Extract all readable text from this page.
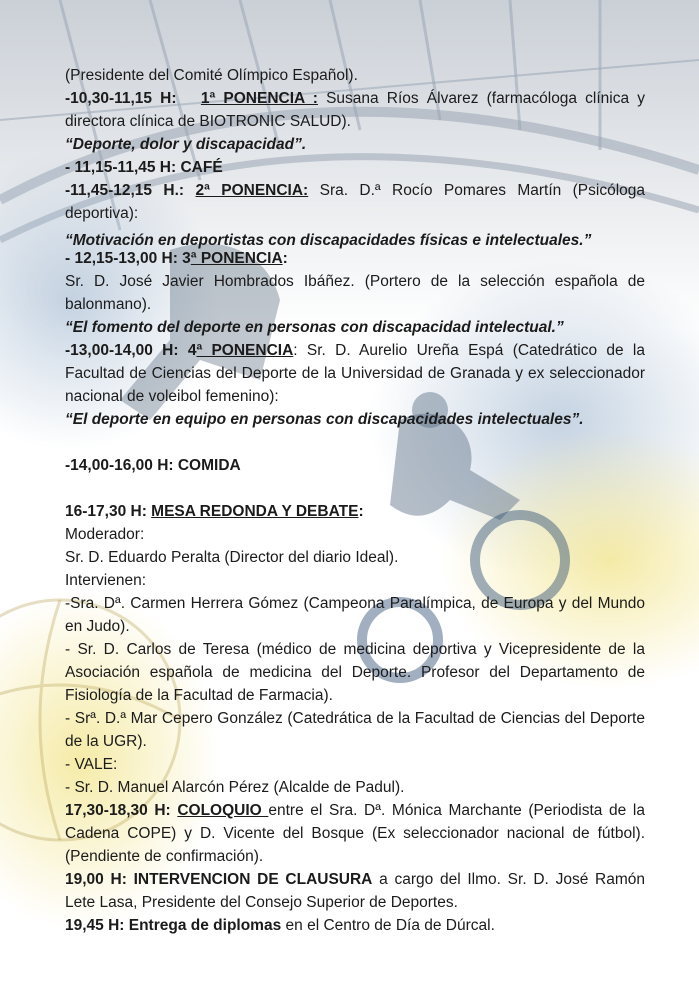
(Presidente del Comité Olímpico Español).

-10,30-11,15 H: 1ª PONENCIA : Susana Ríos Álvarez (farmacóloga clínica y directora clínica de BIOTRONIC SALUD).

“Deporte, dolor y discapacidad”.

- 11,15-11,45 H: CAFÉ

-11,45-12,15 H.: 2ª PONENCIA: Sra. D.ª Rocío Pomares Martín (Psicóloga deportiva):

“Motivación en deportistas con discapacidades físicas e intelectuales.”

- 12,15-13,00 H: 3ª PONENCIA:

Sr. D. José Javier Hombrados Ibáñez. (Portero de la selección española de balonmano).

“El fomento del deporte en personas con discapacidad intelectual.”

-13,00-14,00 H: 4ª PONENCIA: Sr. D. Aurelio Ureña Espá (Catedrático de la Facultad de Ciencias del Deporte de la Universidad de Granada y ex seleccionador nacional de voleibol femenino):

“El deporte en equipo en personas con discapacidades intelectuales”.

-14,00-16,00 H: COMIDA

16-17,30 H: MESA REDONDA Y DEBATE:

Moderador:

Sr. D. Eduardo Peralta (Director del diario Ideal).

Intervienen:

-Sra. Dª. Carmen Herrera Gómez (Campeona Paralímpica, de Europa y del Mundo en Judo).

- Sr. D. Carlos de Teresa (médico de medicina deportiva y Vicepresidente de la Asociación española de medicina del Deporte. Profesor del Departamento de Fisiología de la Facultad de Farmacia).

- Srª. D.ª Mar Cepero González (Catedrática de la Facultad de Ciencias del Deporte de la UGR).

- VALE:

- Sr. D. Manuel Alarcón Pérez (Alcalde de Padul).

17,30-18,30 H: COLOQUIO entre el Sra. Dª. Mónica Marchante (Periodista de la Cadena COPE) y D. Vicente del Bosque (Ex seleccionador nacional de fútbol). (Pendiente de confirmación).

19,00 H: INTERVENCION DE CLAUSURA a cargo del Ilmo. Sr. D. José Ramón Lete Lasa, Presidente del Consejo Superior de Deportes.

19,45 H: Entrega de diplomas en el Centro de Día de Dúrcal.
